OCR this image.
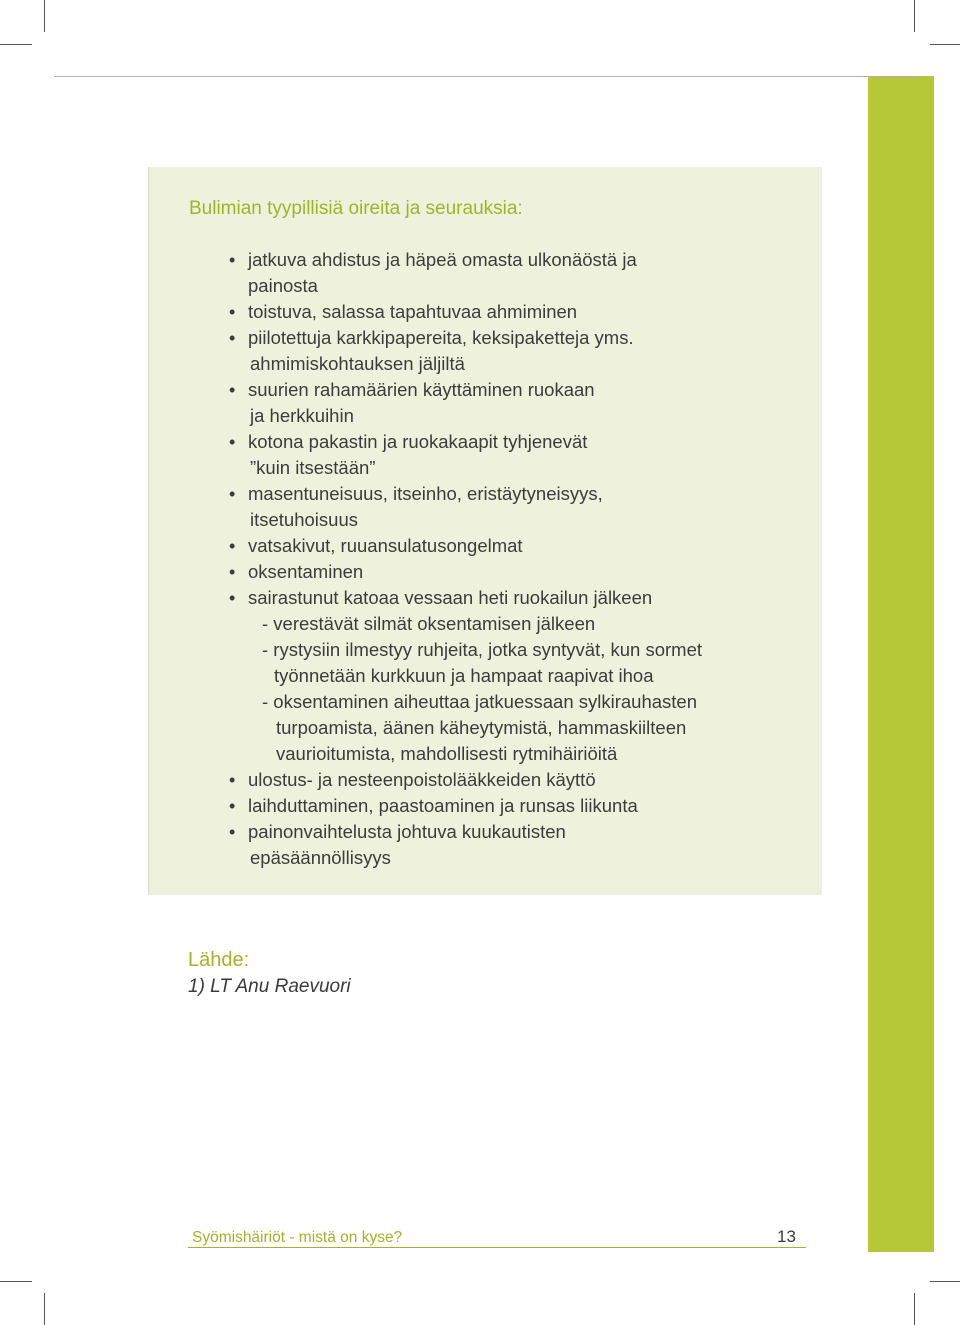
Bulimian tyypillisiä oireita ja seurauksia:
• jatkuva ahdistus ja häpeä omasta ulkonäöstä ja
painosta
• toistuva, salassa tapahtuvaa ahmiminen
• piilotettuja karkkipapereita, keksipaketteja yms.
ahmimiskohtauksen jäljiltä
• suurien rahamäärien käyttäminen ruokaan
ja herkkuihin
• kotona pakastin ja ruokakaapit tyhjenevät
”kuin itsestään”
• masentuneisuus, itseinho, eristäytyneisyys,
itsetuhoisuus
• vatsakivut, ruuansulatusongelmat
• oksentaminen
• sairastunut katoaa vessaan heti ruokailun jälkeen
- verestävät silmät oksentamisen jälkeen
- rystysiin ilmestyy ruhjeita, jotka syntyvät, kun sormet
työnnetään kurkkuun ja hampaat raapivat ihoa
- oksentaminen aiheuttaa jatkuessaan sylkirauhasten
turpoamista, äänen käheytymistä, hammaskiilteen
vaurioitumista, mahdollisesti rytmihäiriöitä
• ulostus- ja nesteenpoistolääkkeiden käyttö
• laihduttaminen, paastoaminen ja runsas liikunta
• painonvaihtelusta johtuva kuukautisten
epäsäännöllisyys
Lähde:
1) LT Anu Raevuori
Syömishäiriöt - mistä on kyse?	13
